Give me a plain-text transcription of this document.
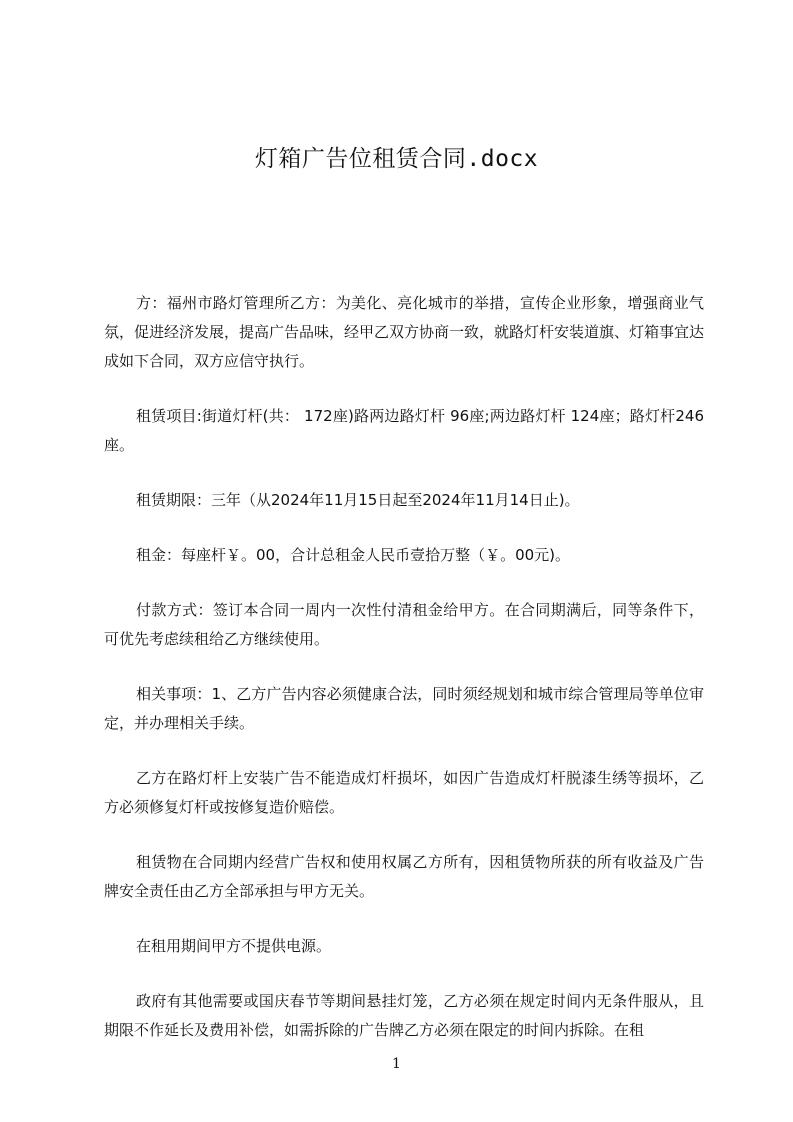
灯箱广告位租赁合同.docx

方：福州市路灯管理所乙方：为美化、亮化城市的举措，宣传企业形象，增强商业气氛，促进经济发展，提高广告品味，经甲乙双方协商一致，就路灯杆安装道旗、灯箱事宜达成如下合同，双方应信守执行。

租赁项目:街道灯杆(共： 172座)路两边路灯杆 96座;两边路灯杆 124座；路灯杆246座。

租赁期限：三年（从2024年11月15日起至2024年11月14日止)。

租金：每座杆￥。00，合计总租金人民币壹拾万整（￥。00元)。

付款方式：签订本合同一周内一次性付清租金给甲方。在合同期满后，同等条件下，可优先考虑续租给乙方继续使用。

相关事项：1、乙方广告内容必须健康合法，同时须经规划和城市综合管理局等单位审定，并办理相关手续。

乙方在路灯杆上安装广告不能造成灯杆损坏，如因广告造成灯杆脱漆生绣等损坏，乙方必须修复灯杆或按修复造价赔偿。

租赁物在合同期内经营广告权和使用权属乙方所有，因租赁物所获的所有收益及广告牌安全责任由乙方全部承担与甲方无关。

在租用期间甲方不提供电源。

政府有其他需要或国庆春节等期间悬挂灯笼，乙方必须在规定时间内无条件服从，且期限不作延长及费用补偿，如需拆除的广告牌乙方必须在限定的时间内拆除。在租

1
